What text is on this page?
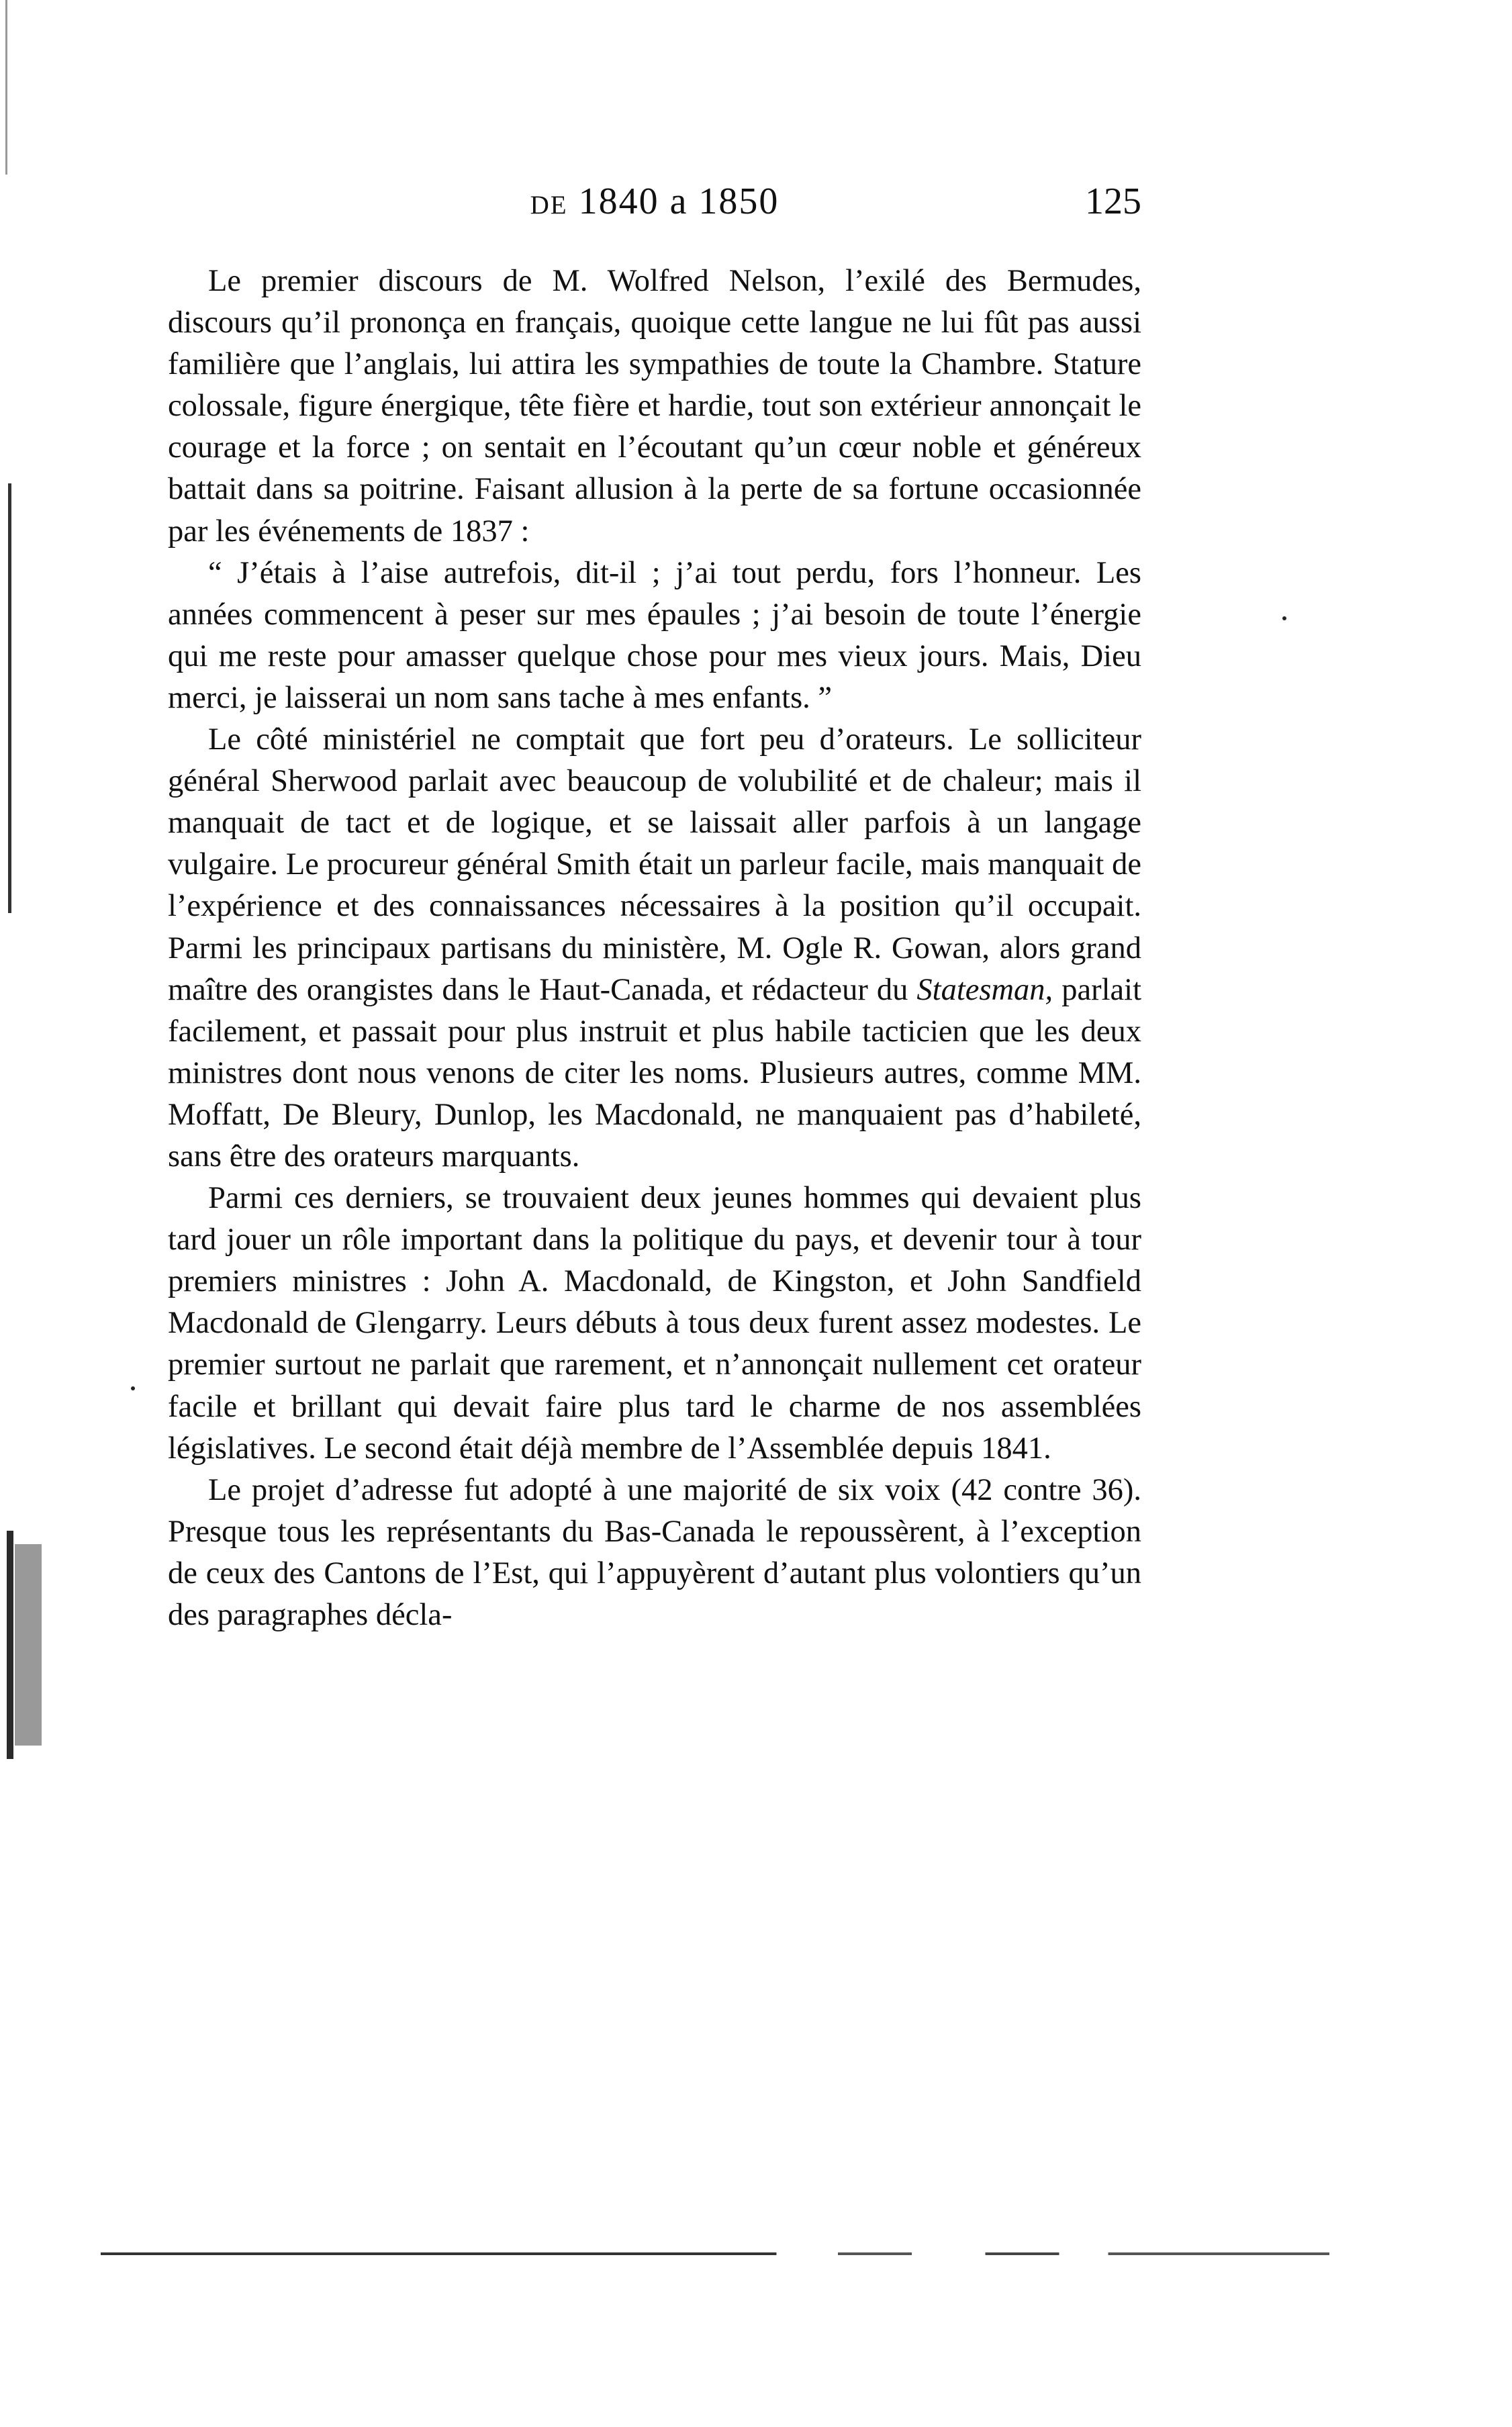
de 1840 a 1850	125

Le premier discours de M. Wolfred Nelson, l’exilé des Bermudes, discours qu’il prononça en français, quoique cette langue ne lui fût pas aussi familière que l’anglais, lui attira les sympathies de toute la Chambre. Stature colossale, figure énergique, tête fière et hardie, tout son extérieur annonçait le courage et la force ; on sentait en l’écoutant qu’un cœur noble et généreux battait dans sa poitrine. Faisant allusion à la perte de sa fortune occasionnée par les événements de 1837 :

“ J’étais à l’aise autrefois, dit-il ; j’ai tout perdu, fors l’honneur. Les années commencent à peser sur mes épaules ; j’ai besoin de toute l’énergie qui me reste pour amasser quelque chose pour mes vieux jours. Mais, Dieu merci, je laisserai un nom sans tache à mes enfants. ”

Le côté ministériel ne comptait que fort peu d’orateurs. Le solliciteur général Sherwood parlait avec beaucoup de volubilité et de chaleur; mais il manquait de tact et de logique, et se laissait aller parfois à un langage vulgaire. Le procureur général Smith était un parleur facile, mais manquait de l’expérience et des connaissances nécessaires à la position qu’il occupait. Parmi les principaux partisans du ministère, M. Ogle R. Gowan, alors grand maître des orangistes dans le Haut-Canada, et rédacteur du Statesman, parlait facilement, et passait pour plus instruit et plus habile tacticien que les deux ministres dont nous venons de citer les noms. Plusieurs autres, comme MM. Moffatt, De Bleury, Dunlop, les Macdonald, ne manquaient pas d’habileté, sans être des orateurs marquants.

Parmi ces derniers, se trouvaient deux jeunes hommes qui devaient plus tard jouer un rôle important dans la politique du pays, et devenir tour à tour premiers ministres : John A. Macdonald, de Kingston, et John Sandfield Macdonald de Glengarry. Leurs débuts à tous deux furent assez modestes. Le premier surtout ne parlait que rarement, et n’annonçait nullement cet orateur facile et brillant qui devait faire plus tard le charme de nos assemblées législatives. Le second était déjà membre de l’Assemblée depuis 1841.

Le projet d’adresse fut adopté à une majorité de six voix (42 contre 36). Presque tous les représentants du Bas-Canada le repoussèrent, à l’exception de ceux des Cantons de l’Est, qui l’appuyèrent d’autant plus volontiers qu’un des paragraphes décla-
